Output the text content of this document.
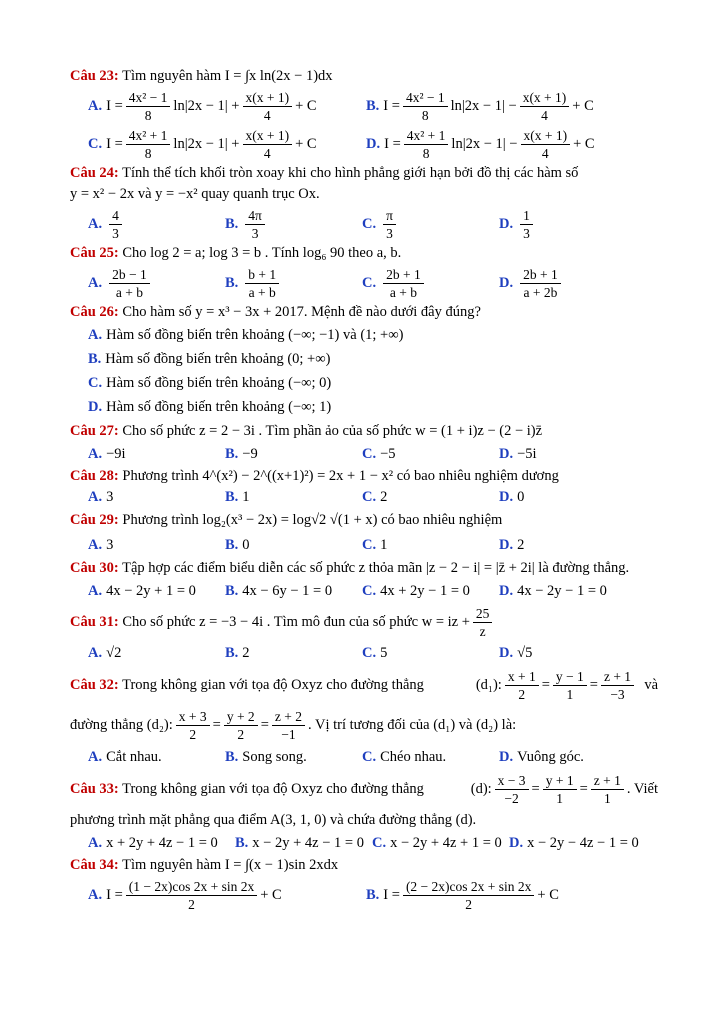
Câu 23: Tìm nguyên hàm I = ∫x ln(2x − 1)dx
A. $I = \frac{\text{4x² − 1}}{8} \ln|2x - 1| + \frac{x(x + 1)}{4} + C$	B. $I = \frac{\text{4x² − 1}}{8} \ln|2x - 1| - \frac{x(x + 1)}{4} + C$
C. $I = \frac{\text{4x² + 1}}{8} \ln|2x - 1| + \frac{x(x + 1)}{4} + C$	D. $I = \frac{\text{4x² + 1}}{8} \ln|2x - 1| - \frac{x(x + 1)}{4} + C$
Câu 24: Tính thể tích khối tròn xoay khi cho hình phẳng giới hạn bởi đồ thị các hàm số
y = x² − 2x và y = −x² quay quanh trục Ox.
A. $\frac{4}{3}$	B. $\frac{4\pi}{3}$	C. $\frac{\pi}{3}$	D. $\frac{1}{3}$
Câu 25: Cho log 2 = a; log 3 = b . Tính log₆ 90 theo a, b.
A. $\frac{2b - 1}{a + b}$	B. $\frac{b + 1}{a + b}$	C. $\frac{2b + 1}{a + b}$	D. $\frac{2b + 1}{a + 2b}$
Câu 26: Cho hàm số y = x³ − 3x + 2017. Mệnh đề nào dưới đây đúng?
A. Hàm số đồng biến trên khoảng (−∞; −1) và (1; +∞)
B. Hàm số đồng biến trên khoảng (0; +∞)
C. Hàm số đồng biến trên khoảng (−∞; 0)
D. Hàm số đồng biến trên khoảng (−∞; 1)
Câu 27: Cho số phức z = 2 − 3i . Tìm phần ảo của số phức w = (1 + i)z − (2 − i)z̄
A. −9i	B. −9	C. −5	D. −5i
Câu 28: Phương trình 4^(x²) − 2^((x+1)²) = 2x + 1 − x² có bao nhiêu nghiệm dương
A. 3	B. 1	C. 2	D. 0
Câu 29: Phương trình log₂(x³ − 2x) = log√2 √(1 + x) có bao nhiêu nghiệm
A. 3	B. 0	C. 1	D. 2
Câu 30: Tập hợp các điểm biểu diễn các số phức z thỏa mãn |z − 2 − i| = |z̄ + 2i| là đường thẳng.
A. 4x − 2y + 1 = 0 B. 4x − 6y − 1 = 0 C. 4x + 2y − 1 = 0 D. 4x − 2y − 1 = 0
Câu 31:
Cho số phức z = −3 − 4i . Tìm mô đun của số phức w = iz + $\frac{25}{z}$
A. √2	B. 2	C. 5	D. √5
Câu 32: Trong không gian với tọa độ Oxyz cho đường thẳng	(d₁): $\frac{x + 1}{2} = \frac{y - 1}{1} = \frac{z + 1}{-3}$
và
đường thẳng
(d₂): $\frac{x + 3}{2} = \frac{y + 2}{2} = \frac{z + 2}{-1}$ . Vị trí tương đối của (d₁) và (d₂) là:
A. Cắt nhau.	B. Song song.	C. Chéo nhau.	D. Vuông góc.
Câu 33: Trong không gian với tọa độ Oxyz cho đường thẳng	(d): $\frac{x - 3}{-2} = \frac{y + 1}{1} = \frac{z + 1}{1}$ . Viết
phương trình mặt phẳng qua điểm A(3, 1, 0) và chứa đường thẳng (d).
A. x + 2y + 4z − 1 = 0 B. x − 2y + 4z − 1 = 0 C. x − 2y + 4z + 1 = 0 D. x − 2y − 4z − 1 = 0
Câu 34: Tìm nguyên hàm I = ∫(x − 1)sin 2xdx
A. $I = \frac{(1 - 2x)\cos 2x + \sin 2x}{2} + C$	B. $I = \frac{(2 - 2x)\cos 2x + \sin 2x}{2} + C$
